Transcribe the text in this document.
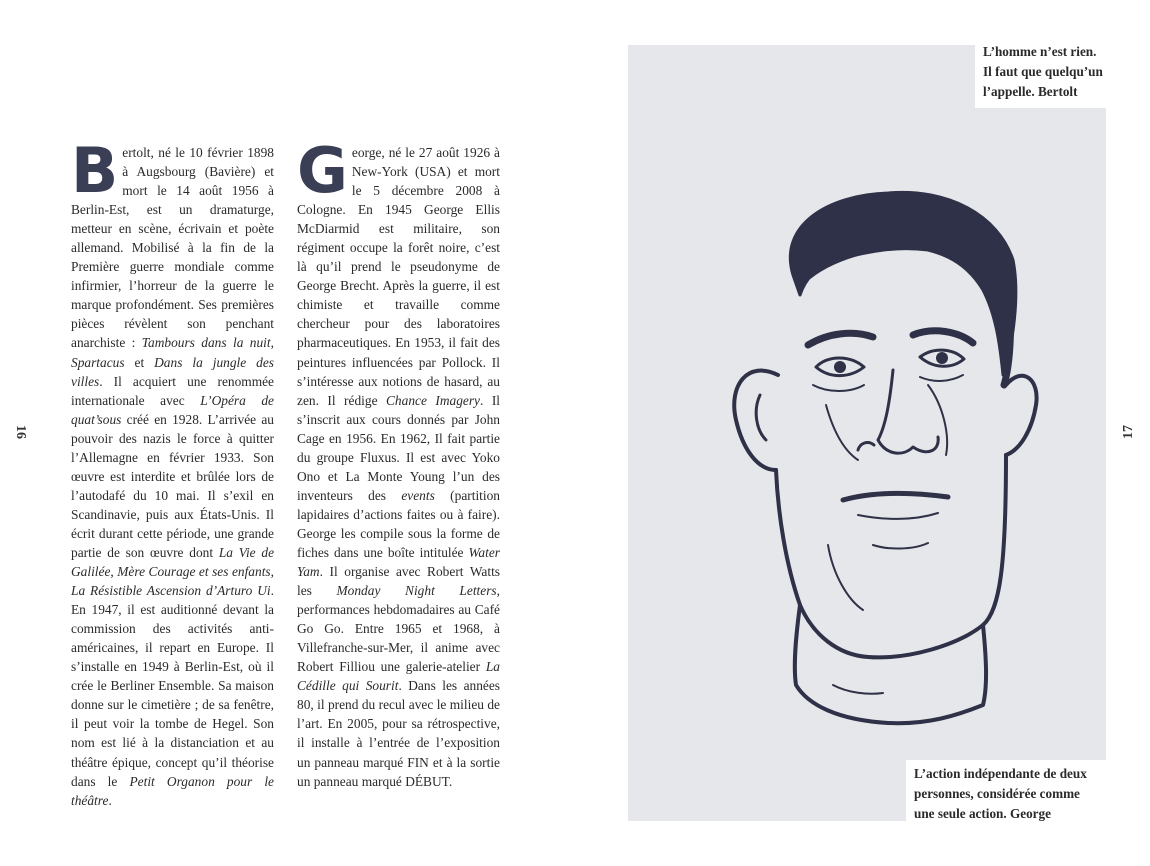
16
Bertolt, né le 10 février 1898 à Augsbourg (Bavière) et mort le 14 août 1956 à Berlin-Est, est un dramaturge, metteur en scène, écrivain et poète allemand. Mobilisé à la fin de la Première guerre mondiale comme infirmier, l’horreur de la guerre le marque profondément. Ses premières pièces révèlent son penchant anarchiste : Tambours dans la nuit, Spartacus et Dans la jungle des villes. Il acquiert une renommée internationale avec L’Opéra de quat’sous créé en 1928. L’arrivée au pouvoir des nazis le force à quitter l’Allemagne en février 1933. Son œuvre est interdite et brûlée lors de l’autodafé du 10 mai. Il s’exil en Scandinavie, puis aux États-Unis. Il écrit durant cette période, une grande partie de son œuvre dont La Vie de Galilée, Mère Courage et ses enfants, La Résistible Ascension d’Arturo Ui. En 1947, il est auditionné devant la commission des activités anti-américaines, il repart en Europe. Il s’installe en 1949 à Berlin-Est, où il crée le Berliner Ensemble. Sa maison donne sur le cimetière ; de sa fenêtre, il peut voir la tombe de Hegel. Son nom est lié à la distanciation et au théâtre épique, concept qu’il théorise dans le Petit Organon pour le théâtre.
George, né le 27 août 1926 à New-York (USA) et mort le 5 décembre 2008 à Cologne. En 1945 George Ellis McDiarmid est militaire, son régiment occupe la forêt noire, c’est là qu’il prend le pseudonyme de George Brecht. Après la guerre, il est chimiste et travaille comme chercheur pour des laboratoires pharmaceutiques. En 1953, il fait des peintures influencées par Pollock. Il s’intéresse aux notions de hasard, au zen. Il rédige Chance Imagery. Il s’inscrit aux cours donnés par John Cage en 1956. En 1962, Il fait partie du groupe Fluxus. Il est avec Yoko Ono et La Monte Young l’un des inventeurs des events (partition lapidaires d’actions faites ou à faire). George les compile sous la forme de fiches dans une boîte intitulée Water Yam. Il organise avec Robert Watts les Monday Night Letters, performances hebdomadaires au Café Go Go. Entre 1965 et 1968, à Villefranche-sur-Mer, il anime avec Robert Filliou une galerie-atelier La Cédille qui Sourit. Dans les années 80, il prend du recul avec le milieu de l’art. En 2005, pour sa rétrospective, il installe à l’entrée de l’exposition un panneau marqué FIN et à la sortie un panneau marqué DÉBUT.
L’homme n’est rien.
Il faut que quelqu’un
l’appelle. Bertolt
L’action indépendante de deux
personnes, considérée comme
une seule action. George
17
